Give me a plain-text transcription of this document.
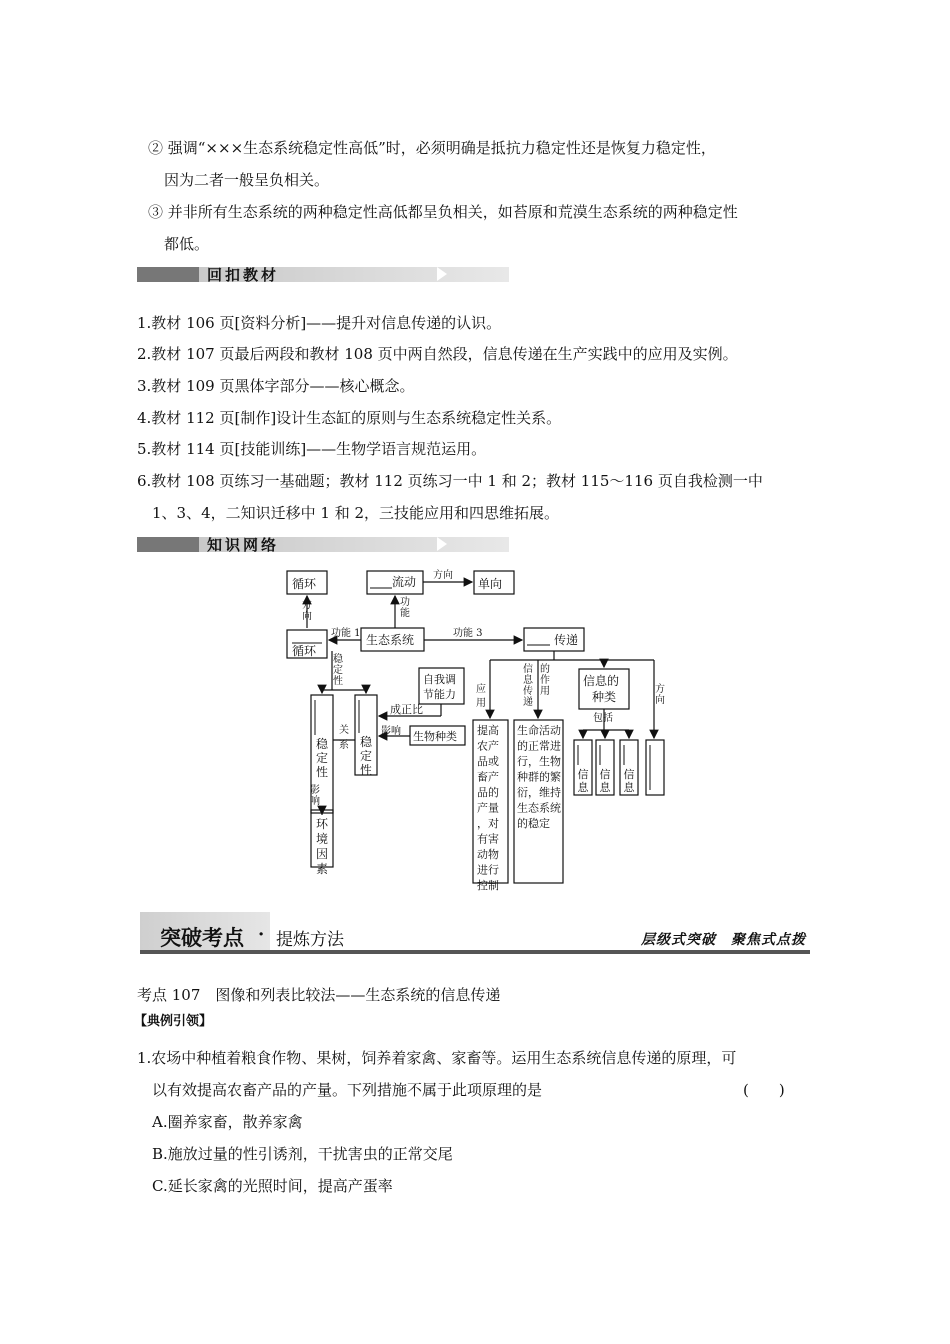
② 强调“×××生态系统稳定性高低”时，必须明确是抵抗力稳定性还是恢复力稳定性，
因为二者一般呈负相关。
③ 并非所有生态系统的两种稳定性高低都呈负相关，如苔原和荒漠生态系统的两种稳定性
都低。
回扣教材
1.教材 106 页[资料分析]——提升对信息传递的认识。
2.教材 107 页最后两段和教材 108 页中两自然段，信息传递在生产实践中的应用及实例。
3.教材 109 页黑体字部分——核心概念。
4.教材 112 页[制作]设计生态缸的原则与生态系统稳定性关系。
5.教材 114 页[技能训练]——生物学语言规范运用。
6.教材 108 页练习一基础题；教材 112 页练习一中 1 和 2；教材 115～116 页自我检测一中
1、3、4，二知识迁移中 1 和 2，三技能应用和四思维拓展。
知识网络
循环
方
向
流动 方向
单向
循环
功能 1
功
能
功能 3
生态系统	传递
稳
定
性	自我调
节能力
成正比
关
系
稳
定
性
稳
定
性
影响 生物种类
影
响
环
境
因
素
应
用
信
息
传
递
的
作
用
信息的
种类
包括
方
向
提高
农产
品或
畜产
品的
产量
，对
有害
动物
进行
控制
生命活动
的正常进
行，生物
种群的繁
衍，维持
生态系统
的稳定
信
息
信
息
信
息
突破考点 · 提炼方法	层级式突破　聚焦式点拨
考点 107　图像和列表比较法——生态系统的信息传递
【典例引领】
1.农场中种植着粮食作物、果树，饲养着家禽、家畜等。运用生态系统信息传递的原理，可
以有效提高农畜产品的产量。下列措施不属于此项原理的是	(　　)
A.圈养家畜，散养家禽
B.施放过量的性引诱剂，干扰害虫的正常交尾
C.延长家禽的光照时间，提高产蛋率
